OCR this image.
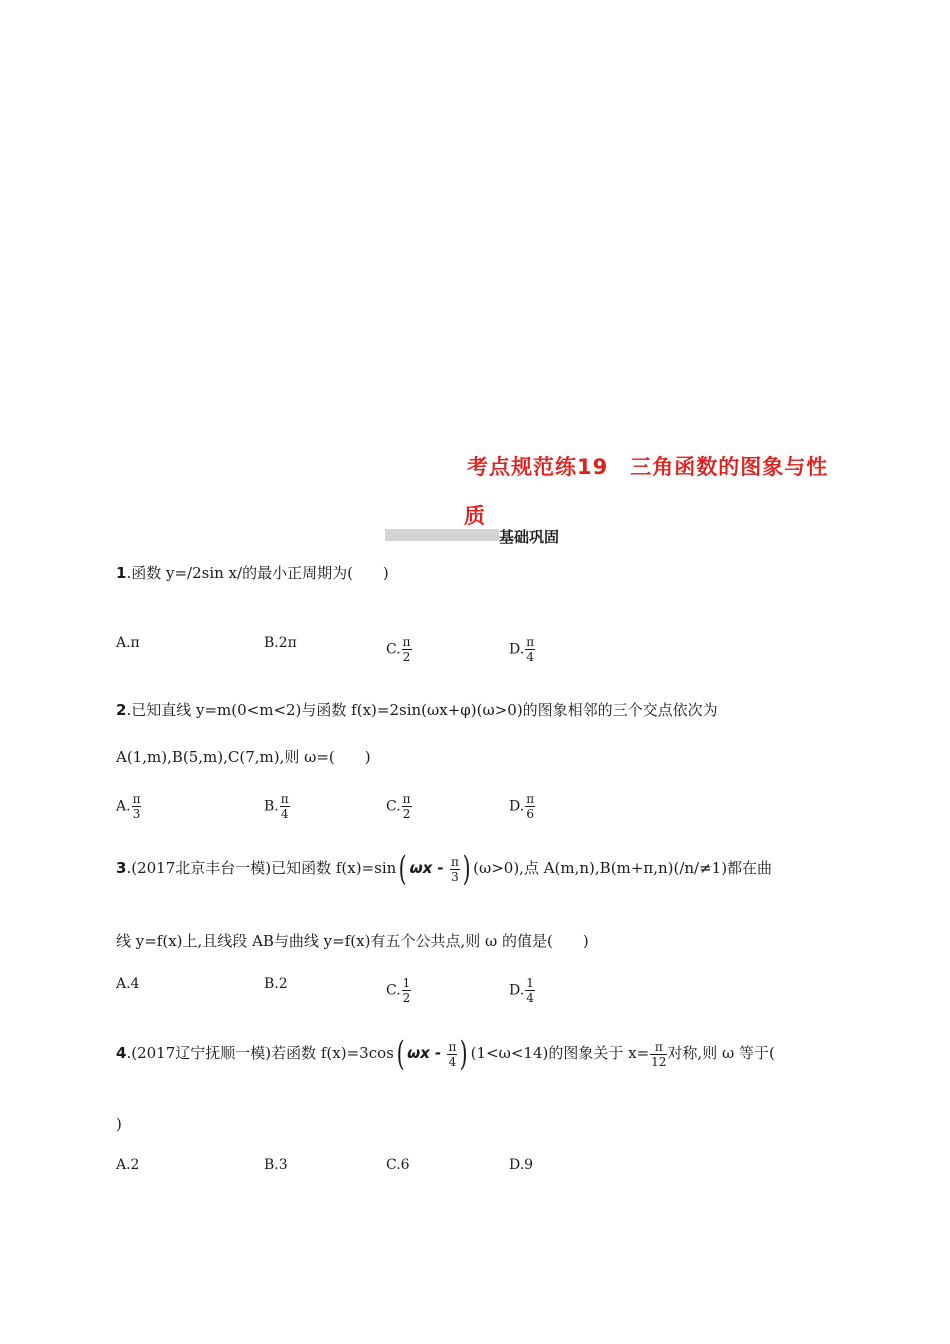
考点规范练19　三角函数的图象与性
质
基础巩固
1.函数 y=/2sin x/的最小正周期为(　　)
A.π	B.2π	C. $\frac{\pi}{2}$	D. $\frac{\pi}{4}$
2.已知直线 y=m(0<m<2)与函数 f(x)=2sin(ωx+φ)(ω>0)的图象相邻的三个交点依次为
A(1,m),B(5,m),C(7,m),则 ω=(　　)
A. $\frac{\pi}{3}$	B. $\frac{\pi}{4}$	C. $\frac{\pi}{2}$	D. $\frac{\pi}{6}$
3.(2017北京丰台一模)已知函数 f(x)=sin( ωx - $\frac{\pi}{3}$ ) (ω>0),点 A(m,n),B(m+π,n)(/n/≠1)都在曲
线 y=f(x)上,且线段 AB与曲线 y=f(x)有五个公共点,则 ω 的值是(　　)
A.4	B.2	C. $\frac{1}{2}$	D. $\frac{1}{4}$
4.(2017辽宁抚顺一模)若函数 f(x)=3cos( ωx - $\frac{\pi}{4}$ ) (1<ω<14)的图象关于 $x= \frac{\pi}{12}$ 对称,则 ω 等于(
)
A.2	B.3	C.6	D.9
